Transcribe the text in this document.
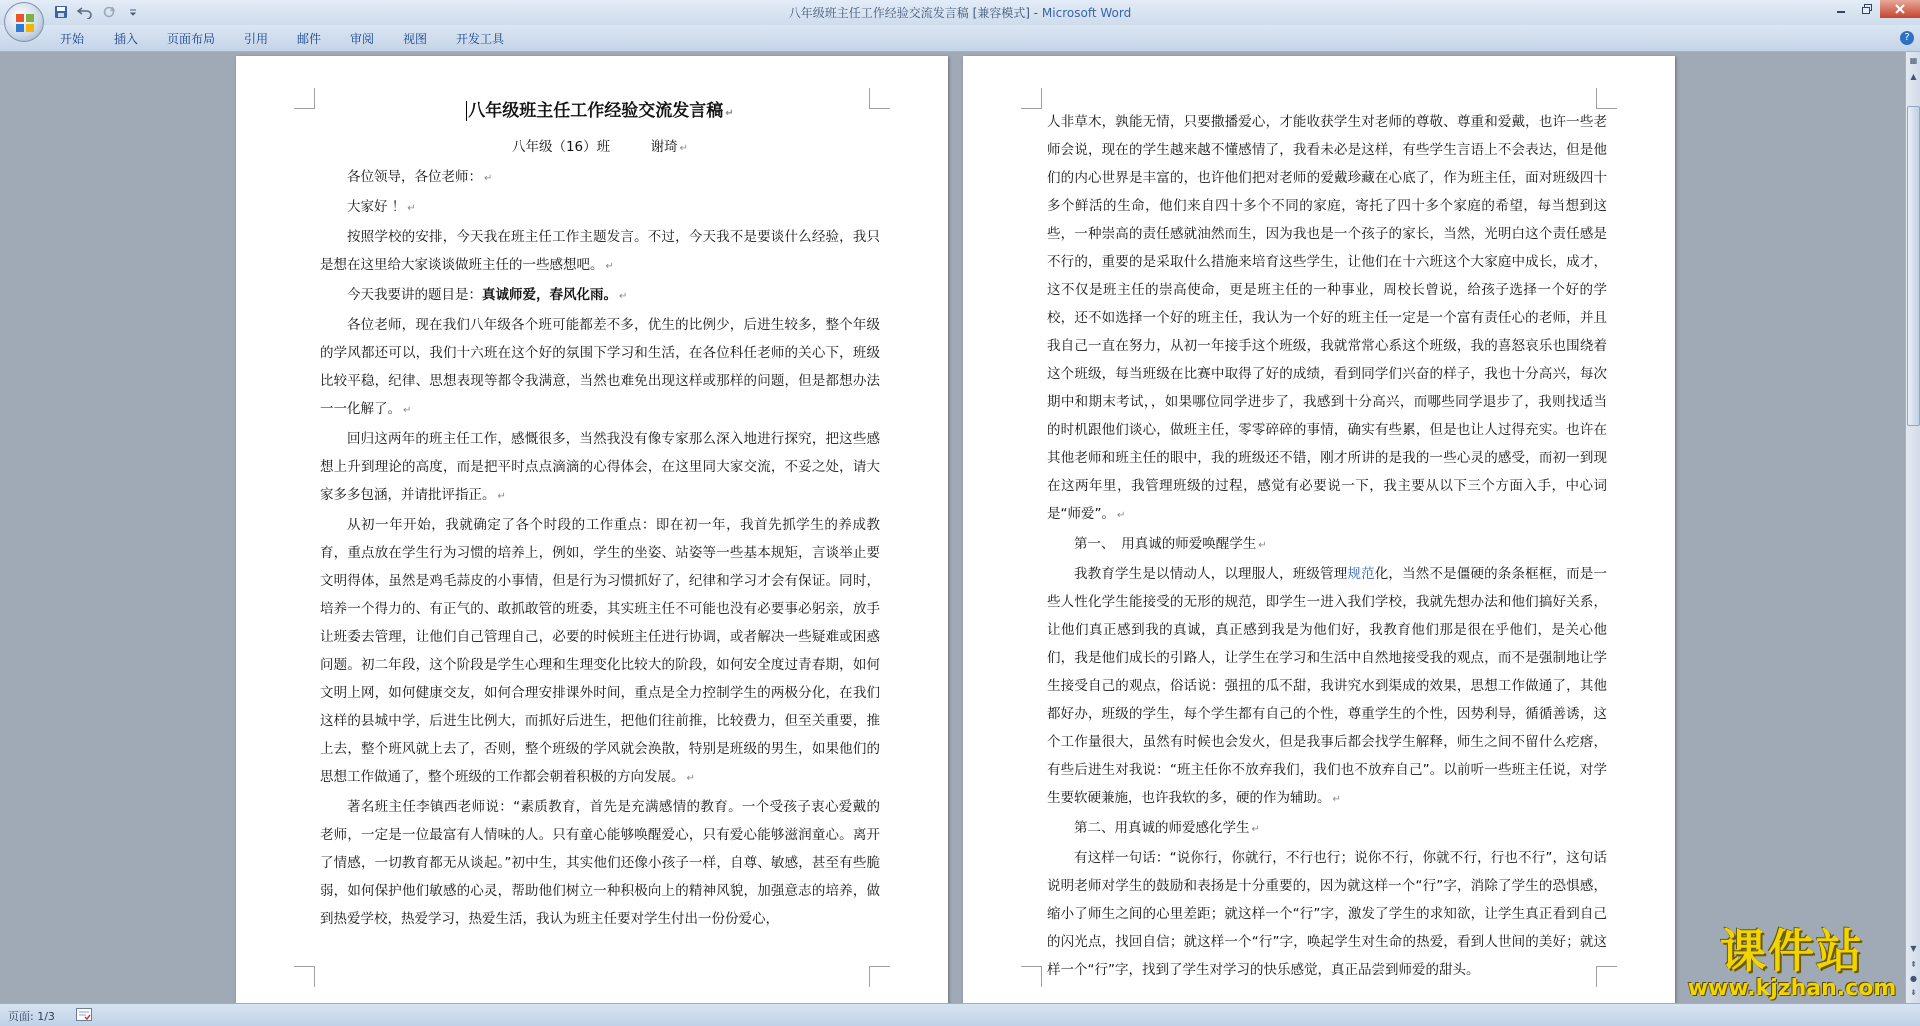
八年级班主任工作经验交流发言稿 [兼容模式] - Microsoft Word
开始 插入 页面布局 引用 邮件 审阅 视图 开发工具	?

八年级班主任工作经验交流发言稿 ↵

八年级（16）班　　　谢琦 ↵

各位领导，各位老师： ↵

大家好 ！ ↵

按照学校的安排，今天我在班主任工作主题发言。不过，今天我不是要谈什么经验，我只是想在这里给大家谈谈做班主任的一些感想吧。 ↵

今天我要讲的题目是：真诚师爱，春风化雨。 ↵

各位老师，现在我们八年级各个班可能都差不多，优生的比例少，后进生较多，整个年级的学风都还可以，我们十六班在这个好的氛围下学习和生活，在各位科任老师的关心下，班级比较平稳，纪律、思想表现等都令我满意，当然也难免出现这样或那样的问题，但是都想办法一一化解了。 ↵

回归这两年的班主任工作，感慨很多，当然我没有像专家那么深入地进行探究，把这些感想上升到理论的高度，而是把平时点点滴滴的心得体会，在这里同大家交流，不妥之处，请大家多多包涵，并请批评指正。 ↵

从初一年开始，我就确定了各个时段的工作重点：即在初一年，我首先抓学生的养成教育，重点放在学生行为习惯的培养上，例如，学生的坐姿、站姿等一些基本规矩，言谈举止要文明得体，虽然是鸡毛蒜皮的小事情，但是行为习惯抓好了，纪律和学习才会有保证。同时，培养一个得力的、有正气的、敢抓敢管的班委，其实班主任不可能也没有必要事必躬亲，放手让班委去管理，让他们自己管理自己，必要的时候班主任进行协调，或者解决一些疑难或困惑问题。初二年段，这个阶段是学生心理和生理变化比较大的阶段，如何安全度过青春期，如何文明上网，如何健康交友，如何合理安排课外时间，重点是全力控制学生的两极分化，在我们这样的县城中学，后进生比例大，而抓好后进生，把他们往前推，比较费力，但至关重要，推上去，整个班风就上去了，否则，整个班级的学风就会涣散，特别是班级的男生，如果他们的思想工作做通了，整个班级的工作都会朝着积极的方向发展。 ↵

著名班主任李镇西老师说：“素质教育，首先是充满感情的教育。一个受孩子衷心爱戴的老师，一定是一位最富有人情味的人。只有童心能够唤醒爱心，只有爱心能够滋润童心。离开了情感，一切教育都无从谈起。”初中生，其实他们还像小孩子一样，自尊、敏感，甚至有些脆弱，如何保护他们敏感的心灵，帮助他们树立一种积极向上的精神风貌，加强意志的培养，做到热爱学校，热爱学习，热爱生活，我认为班主任要对学生付出一份份爱心，

人非草木，孰能无情，只要撒播爱心，才能收获学生对老师的尊敬、尊重和爱戴，也许一些老师会说，现在的学生越来越不懂感情了，我看未必是这样，有些学生言语上不会表达，但是他们的内心世界是丰富的，也许他们把对老师的爱戴珍藏在心底了，作为班主任，面对班级四十多个鲜活的生命，他们来自四十多个不同的家庭，寄托了四十多个家庭的希望，每当想到这些，一种崇高的责任感就油然而生，因为我也是一个孩子的家长，当然，光明白这个责任感是不行的，重要的是采取什么措施来培育这些学生，让他们在十六班这个大家庭中成长，成才，这不仅是班主任的崇高使命，更是班主任的一种事业，周校长曾说，给孩子选择一个好的学校，还不如选择一个好的班主任，我认为一个好的班主任一定是一个富有责任心的老师，并且我自己一直在努力，从初一年接手这个班级，我就常常心系这个班级，我的喜怒哀乐也围绕着这个班级，每当班级在比赛中取得了好的成绩，看到同学们兴奋的样子，我也十分高兴，每次期中和期末考试，，如果哪位同学进步了，我感到十分高兴，而哪些同学退步了，我则找适当的时机跟他们谈心，做班主任，零零碎碎的事情，确实有些累，但是也让人过得充实。也许在其他老师和班主任的眼中，我的班级还不错，刚才所讲的是我的一些心灵的感受，而初一到现在这两年里，我管理班级的过程，感觉有必要说一下，我主要从以下三个方面入手，中心词是“师爱”。 ↵

第一、　用真诚的师爱唤醒学生 ↵

我教育学生是以情动人，以理服人，班级管理规范化，当然不是僵硬的条条框框，而是一些人性化学生能接受的无形的规范，即学生一进入我们学校，我就先想办法和他们搞好关系，让他们真正感到我的真诚，真正感到我是为他们好，我教育他们那是很在乎他们，是关心他们，我是他们成长的引路人，让学生在学习和生活中自然地接受我的观点，而不是强制地让学生接受自己的观点，俗话说：强扭的瓜不甜，我讲究水到渠成的效果，思想工作做通了，其他都好办，班级的学生，每个学生都有自己的个性，尊重学生的个性，因势利导，循循善诱，这个工作量很大，虽然有时候也会发火，但是我事后都会找学生解释，师生之间不留什么疙瘩，有些后进生对我说：“班主任你不放弃我们，我们也不放弃自己”。以前听一些班主任说，对学生要软硬兼施，也许我软的多，硬的作为辅助。 ↵

第二、用真诚的师爱感化学生 ↵

有这样一句话：“说你行，你就行，不行也行；说你不行，你就不行，行也不行”，这句话说明老师对学生的鼓励和表扬是十分重要的，因为就这样一个“行”字，消除了学生的恐惧感，缩小了师生之间的心里差距；就这样一个“行”字，激发了学生的求知欲，让学生真正看到自己的闪光点，找回自信；就这样一个“行”字，唤起学生对生命的热爱，看到人世间的美好；就这样一个“行”字，找到了学生对学习的快乐感觉，真正品尝到师爱的甜头。

▦
▲
▼
⇞
●
⇟
页面: 1/3
课件站
www.kjzhan.com
